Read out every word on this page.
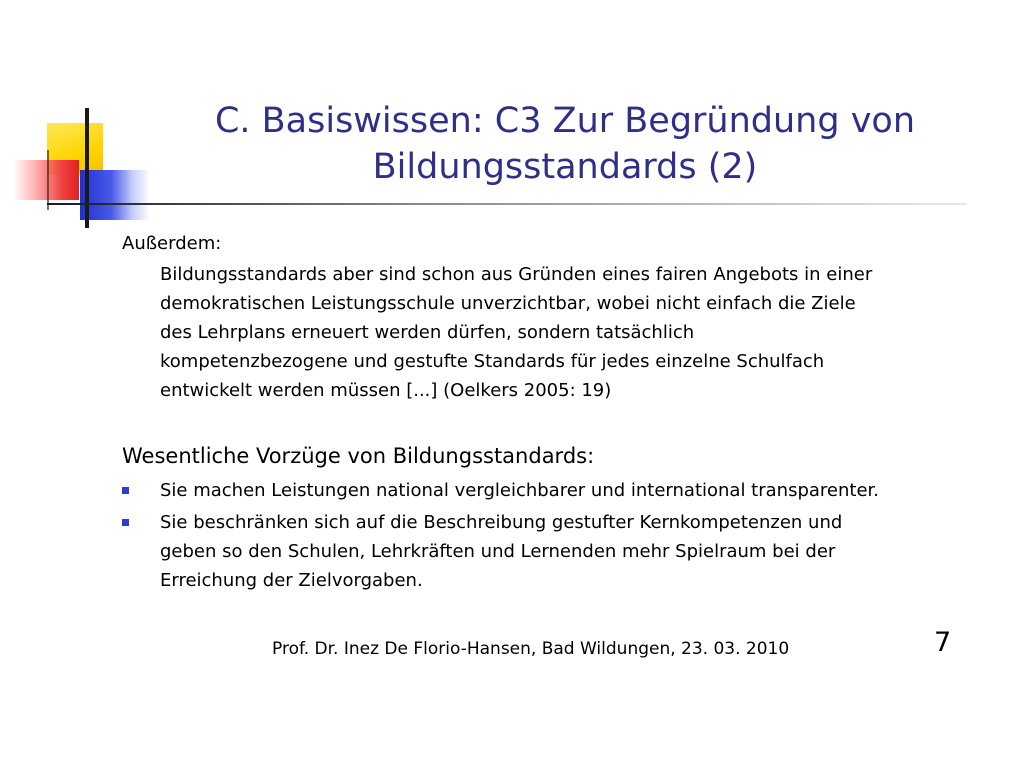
C. Basiswissen: C3 Zur Begründung von
Bildungsstandards (2)
Außerdem:
Bildungsstandards aber sind schon aus Gründen eines fairen Angebots in einer
demokratischen Leistungsschule unverzichtbar, wobei nicht einfach die Ziele
des Lehrplans erneuert werden dürfen, sondern tatsächlich
kompetenzbezogene und gestufte Standards für jedes einzelne Schulfach
entwickelt werden müssen [...] (Oelkers 2005: 19)
Wesentliche Vorzüge von Bildungsstandards:
Sie machen Leistungen national vergleichbarer und international transparenter.
Sie beschränken sich auf die Beschreibung gestufter Kernkompetenzen und
geben so den Schulen, Lehrkräften und Lernenden mehr Spielraum bei der
Erreichung der Zielvorgaben.
Prof. Dr. Inez De Florio-Hansen, Bad Wildungen, 23. 03. 2010	7
